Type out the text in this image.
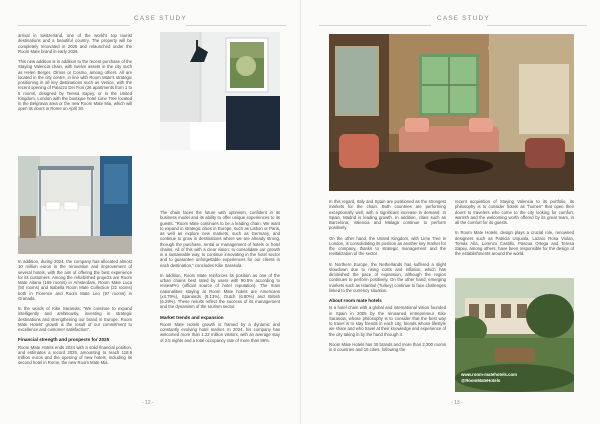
CASE STUDY

arrival in Switzerland, one of the world's top tourist destinations and a beautiful country. The property will be completely renovated in 2025 and relaunched under the Room Mate brand in early 2026.

This new addition is in addition to the recent purchase of the Staying Valencia chain, with twelve assets in the city such as Helen Berger, Olmos or Cosmo, among others. All are located in the city centre, in line with Room Mate's strategic positioning in all key destinations such as Venice, with the recent opening of Palazzo Dei Fiori (26 apartments from 1 to 5 rooms, designed by Teresa Sapey, or in the United Kingdom, London with the boutique hotel Lime Tree located in the Belgravia area or the new Room Mate Mia, which will open its doors in Rome on April 30.

In addition, during 2024, the company has allocated almost 10 million euros in the renovation and improvement of several hotels, with the aim of offering the best experience for its customers. Among the refurbished projects are Room Mate Aitana (169 rooms) in Amsterdam, Room Mate Luca (50 rooms) and Isabella Room Mate Collection (22 rooms) both in Florence and Room Mate Leo (97 rooms) in Granada.

In the words of Kike Sarasola: "We continue to expand intelligently and ambitiously, investing in strategic destinations and strengthening our brand in Europe. Room Mate Hotels' growth is the result of our commitment to excellence and customer satisfaction".

Financial strength and prospects for 2025

Room Mate Hotels ends 2024 with a solid financial position, and estimates a record 2025, amounting to reach 118.9 million euros and the opening of new hotels, including its second hotel in Rome, the new Room Mate Mia.

The chain faces the future with optimism, confident in its business model and its ability to offer unique experiences to its guests. "Room Mate continues to be a leading chain. We want to expand in strategic cities in Europe, such as Lisbon or Paris, as well as explore new markets, such as Germany, and continue to grow in destinations where we are already strong, through the purchase, rental or management of hotels or hotel chains. All of this with a clear vision: to consolidate our growth in a sustainable way, to continue innovating in the hotel sector and to guarantee unforgettable experiences for our clients in each destination," concludes Kike Sarasola.

In addition, Room Mate reinforces its position as one of the urban chains best rated by users with 90.5% according to reviewPro (official source of hotel reputation). The main nationalities staying at Room Mate hotels are Americans (x4.79%), Spaniards (8.13%), Dutch (6.80%) and British (6.29%). These results reflect the success of its management and the dynamism of the tourism sector.

Market trends and expansion

Room Mate Hotels growth is framed by a dynamic and constantly evolving hotel market. In 2024, his company has welcomed more than 1.22 million visitors, with an average stay of 2.5 nights and a total occupancy rate of more than 86%.

- 12 -
CASE STUDY

In this regard, Italy and Spain are positioned as the strongest markets for the chain. Both countries are performing exceptionally well, with a significant increase in demand. In Spain, Madrid is leading growth. In addition, cities such as Barcelona, Valencia and Malaga continue to perform positively.

On the other hand, the United Kingdom, with Lime Tree in London, is consolidating its position as another key market for the company, thanks to strategic management and the revitalization of the sector.

In Northern Europe, the Netherlands has suffered a slight slowdown due to rising costs and inflation, which has diminished the pace of expansion, although the region continues to perform positively. On the other hand, emerging markets such as Istanbul (Turkey) continue to face challenges linked to the currency situation.

About room mate hotels

Is a hotel chain with a global and international vision founded in Spain in 2005 by the renowned entrepreneur Kike Sarasola, whose philosophy is to consider that the best way to travel is to stay friends in each city; friends whose lifestyle we share and who travel at their knowledge and experience of the city taking in by the hand through it.

Room Mate Hotels has 30 brands and more than 2,300 rooms in 6 countries and 15 cities, following the

recent acquisition of Staying Valencia to its portfolio, its philosophy is to consider hotels as "homes" that open their doors to travelers who come to the city looking for comfort, warmth and the welcoming worth offered by its great team, in all the comfort for its guests.

In Room Mate Hotels, design plays a crucial role, renowned designers such as Patricia Urquiola, Lazaro Rosa Violan, Tomás Alía, Lorenzo Castillo, Pascua Ortega and Teresa Sapey, among others, have been responsible for the design of the establishments around the world.

www.room-matehotels.com
@RoomMateHotels
- 13 -
